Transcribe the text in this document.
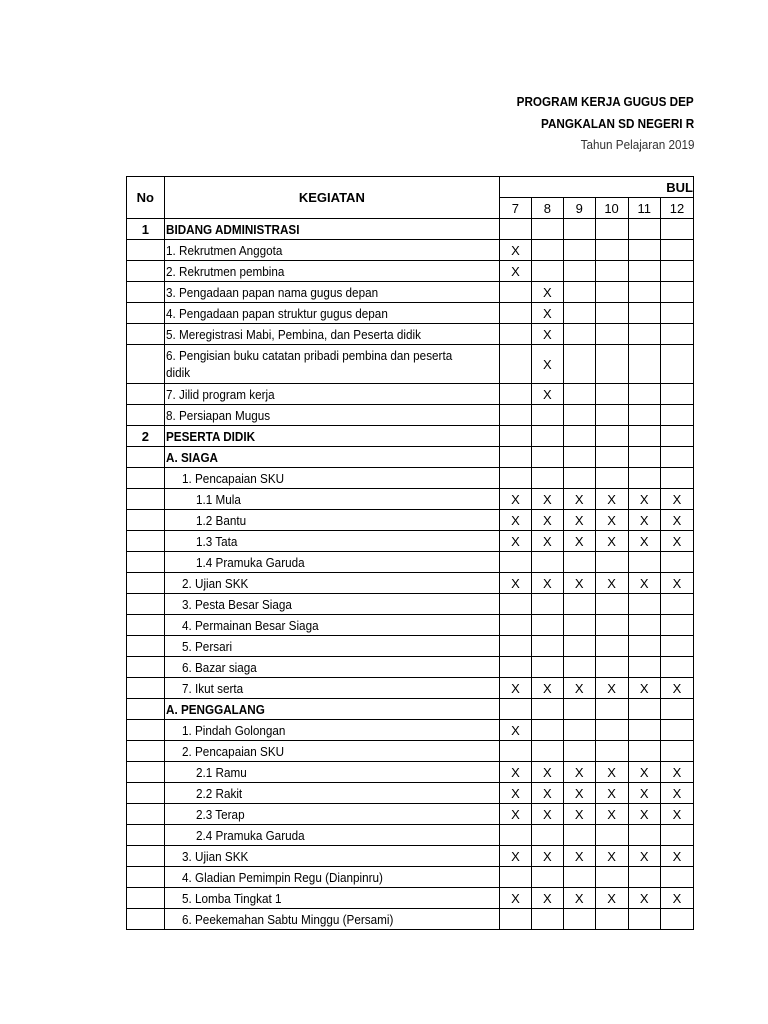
PROGRAM KERJA GUGUS DEP
PANGKALAN SD NEGERI R
Tahun Pelajaran 2019
No	KEGIATAN	BUL					
		7	8	9	10	11	12
1	BIDANG ADMINISTRASI						
	1. Rekrutmen Anggota	X					
	2. Rekrutmen pembina	X					
	3. Pengadaan papan nama gugus depan		X				
	4. Pengadaan papan struktur gugus depan		X				
	5. Meregistrasi Mabi, Pembina, dan Peserta didik		X				
	6. Pengisian buku catatan pribadi pembina dan peserta didik		X				
	7. Jilid program kerja		X				
	8. Persiapan Mugus						
2	PESERTA DIDIK						
	A. SIAGA						
	1. Pencapaian SKU						
	1.1 Mula	X	X	X	X	X	X
	1.2 Bantu	X	X	X	X	X	X
	1.3 Tata	X	X	X	X	X	X
	1.4 Pramuka Garuda						
	2. Ujian SKK	X	X	X	X	X	X
	3. Pesta Besar Siaga						
	4. Permainan Besar Siaga						
	5. Persari						
	6. Bazar siaga						
	7. Ikut serta	X	X	X	X	X	X
	A. PENGGALANG						
	1. Pindah Golongan	X					
	2. Pencapaian SKU						
	2.1 Ramu	X	X	X	X	X	X
	2.2 Rakit	X	X	X	X	X	X
	2.3 Terap	X	X	X	X	X	X
	2.4 Pramuka Garuda						
	3. Ujian SKK	X	X	X	X	X	X
	4. Gladian Pemimpin Regu (Dianpinru)						
	5. Lomba Tingkat 1	X	X	X	X	X	X
	6. Peekemahan Sabtu Minggu (Persami)						
